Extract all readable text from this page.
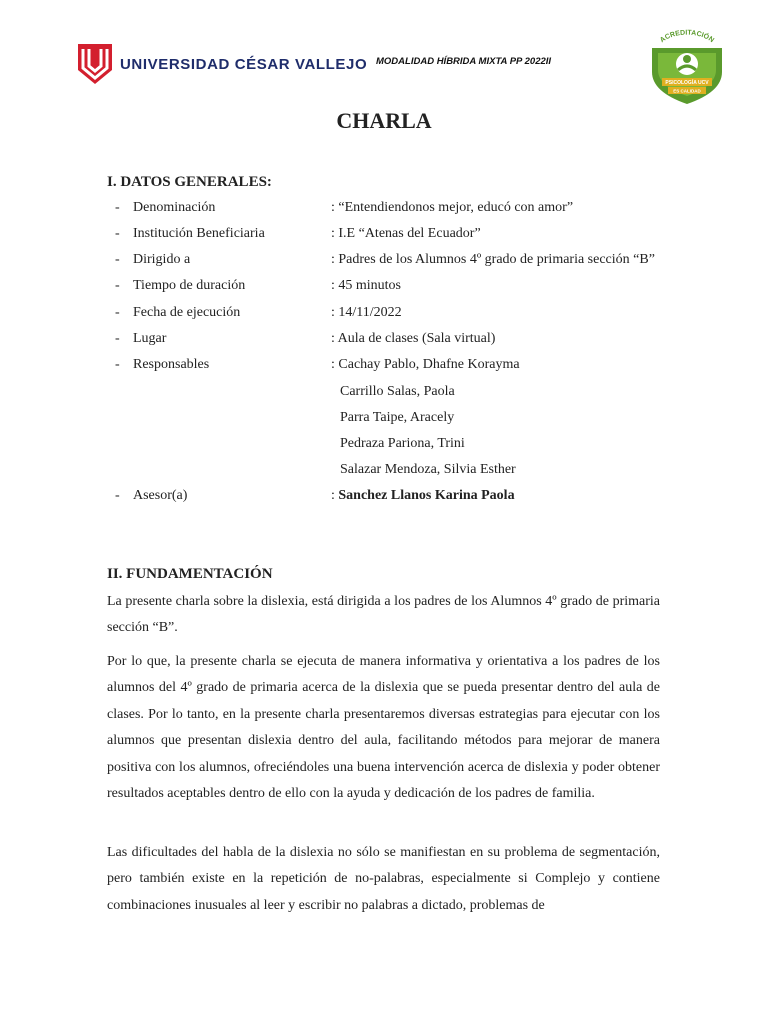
UNIVERSIDAD CÉSAR VALLEJO MODALIDAD HÍBRIDA MIXTA PP 2022II
ACREDITACIÓN
PSICOLOGÍA UCV
ES CALIDAD
CHARLA
I. DATOS GENERALES:
- Denominación	: “Entendiendonos mejor, educó con amor”
- Institución Beneficiaria	: I.E “Atenas del Ecuador”
- Dirigido a	: Padres de los Alumnos 4º grado de primaria sección “B”
- Tiempo de duración	: 45 minutos
- Fecha de ejecución	: 14/11/2022
- Lugar	: Aula de clases (Sala virtual)
- Responsables	: Cachay Pablo, Dhafne Korayma
Carrillo Salas, Paola
Parra Taipe, Aracely
Pedraza Pariona, Trini
Salazar Mendoza, Silvia Esther
- Asesor(a)	: Sanchez Llanos Karina Paola
II. FUNDAMENTACIÓN
La presente charla sobre la dislexia, está dirigida a los padres de los Alumnos 4º grado de primaria sección “B”.
Por lo que, la presente charla se ejecuta de manera informativa y orientativa a los padres de los alumnos del 4º grado de primaria acerca de la dislexia que se pueda presentar dentro del aula de clases. Por lo tanto, en la presente charla presentaremos diversas estrategias para ejecutar con los alumnos que presentan dislexia dentro del aula, facilitando métodos para mejorar de manera positiva con los alumnos, ofreciéndoles una buena intervención acerca de dislexia y poder obtener resultados aceptables dentro de ello con la ayuda y dedicación de los padres de familia.
Las dificultades del habla de la dislexia no sólo se manifiestan en su problema de segmentación, pero también existe en la repetición de no-palabras, especialmente si Complejo y contiene combinaciones inusuales al leer y escribir no palabras a dictado, problemas de
